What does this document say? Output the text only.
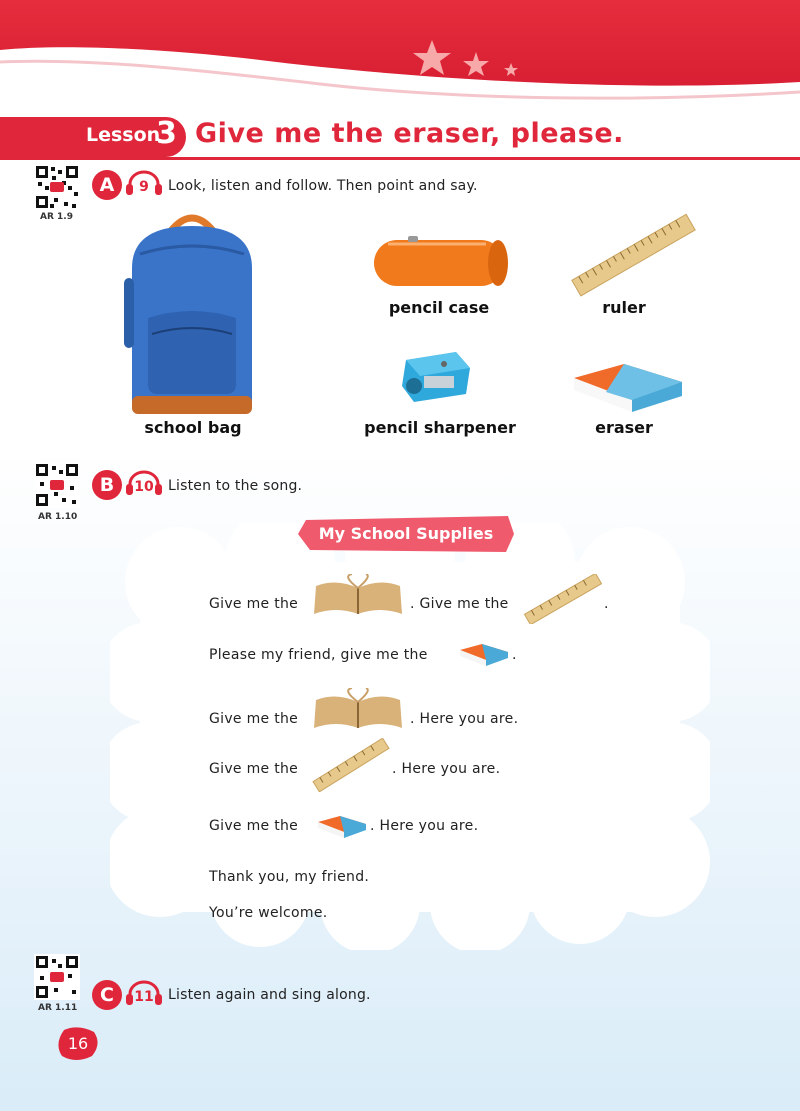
Lesson
3 Give me the eraser, please.
AR 1.9
A	9	Look, listen and follow. Then point and say.
school bag
pencil case	ruler
pencil sharpener	eraser
AR 1.10
B	10	Listen to the song.
My School Supplies
Give me the	. Give me the	.
Please my friend, give me the	.
Give me the	. Here you are.
Give me the	. Here you are.
Give me the	. Here you are.
Thank you, my friend.
You’re welcome.
AR 1.11
C	11	Listen again and sing along.
16
